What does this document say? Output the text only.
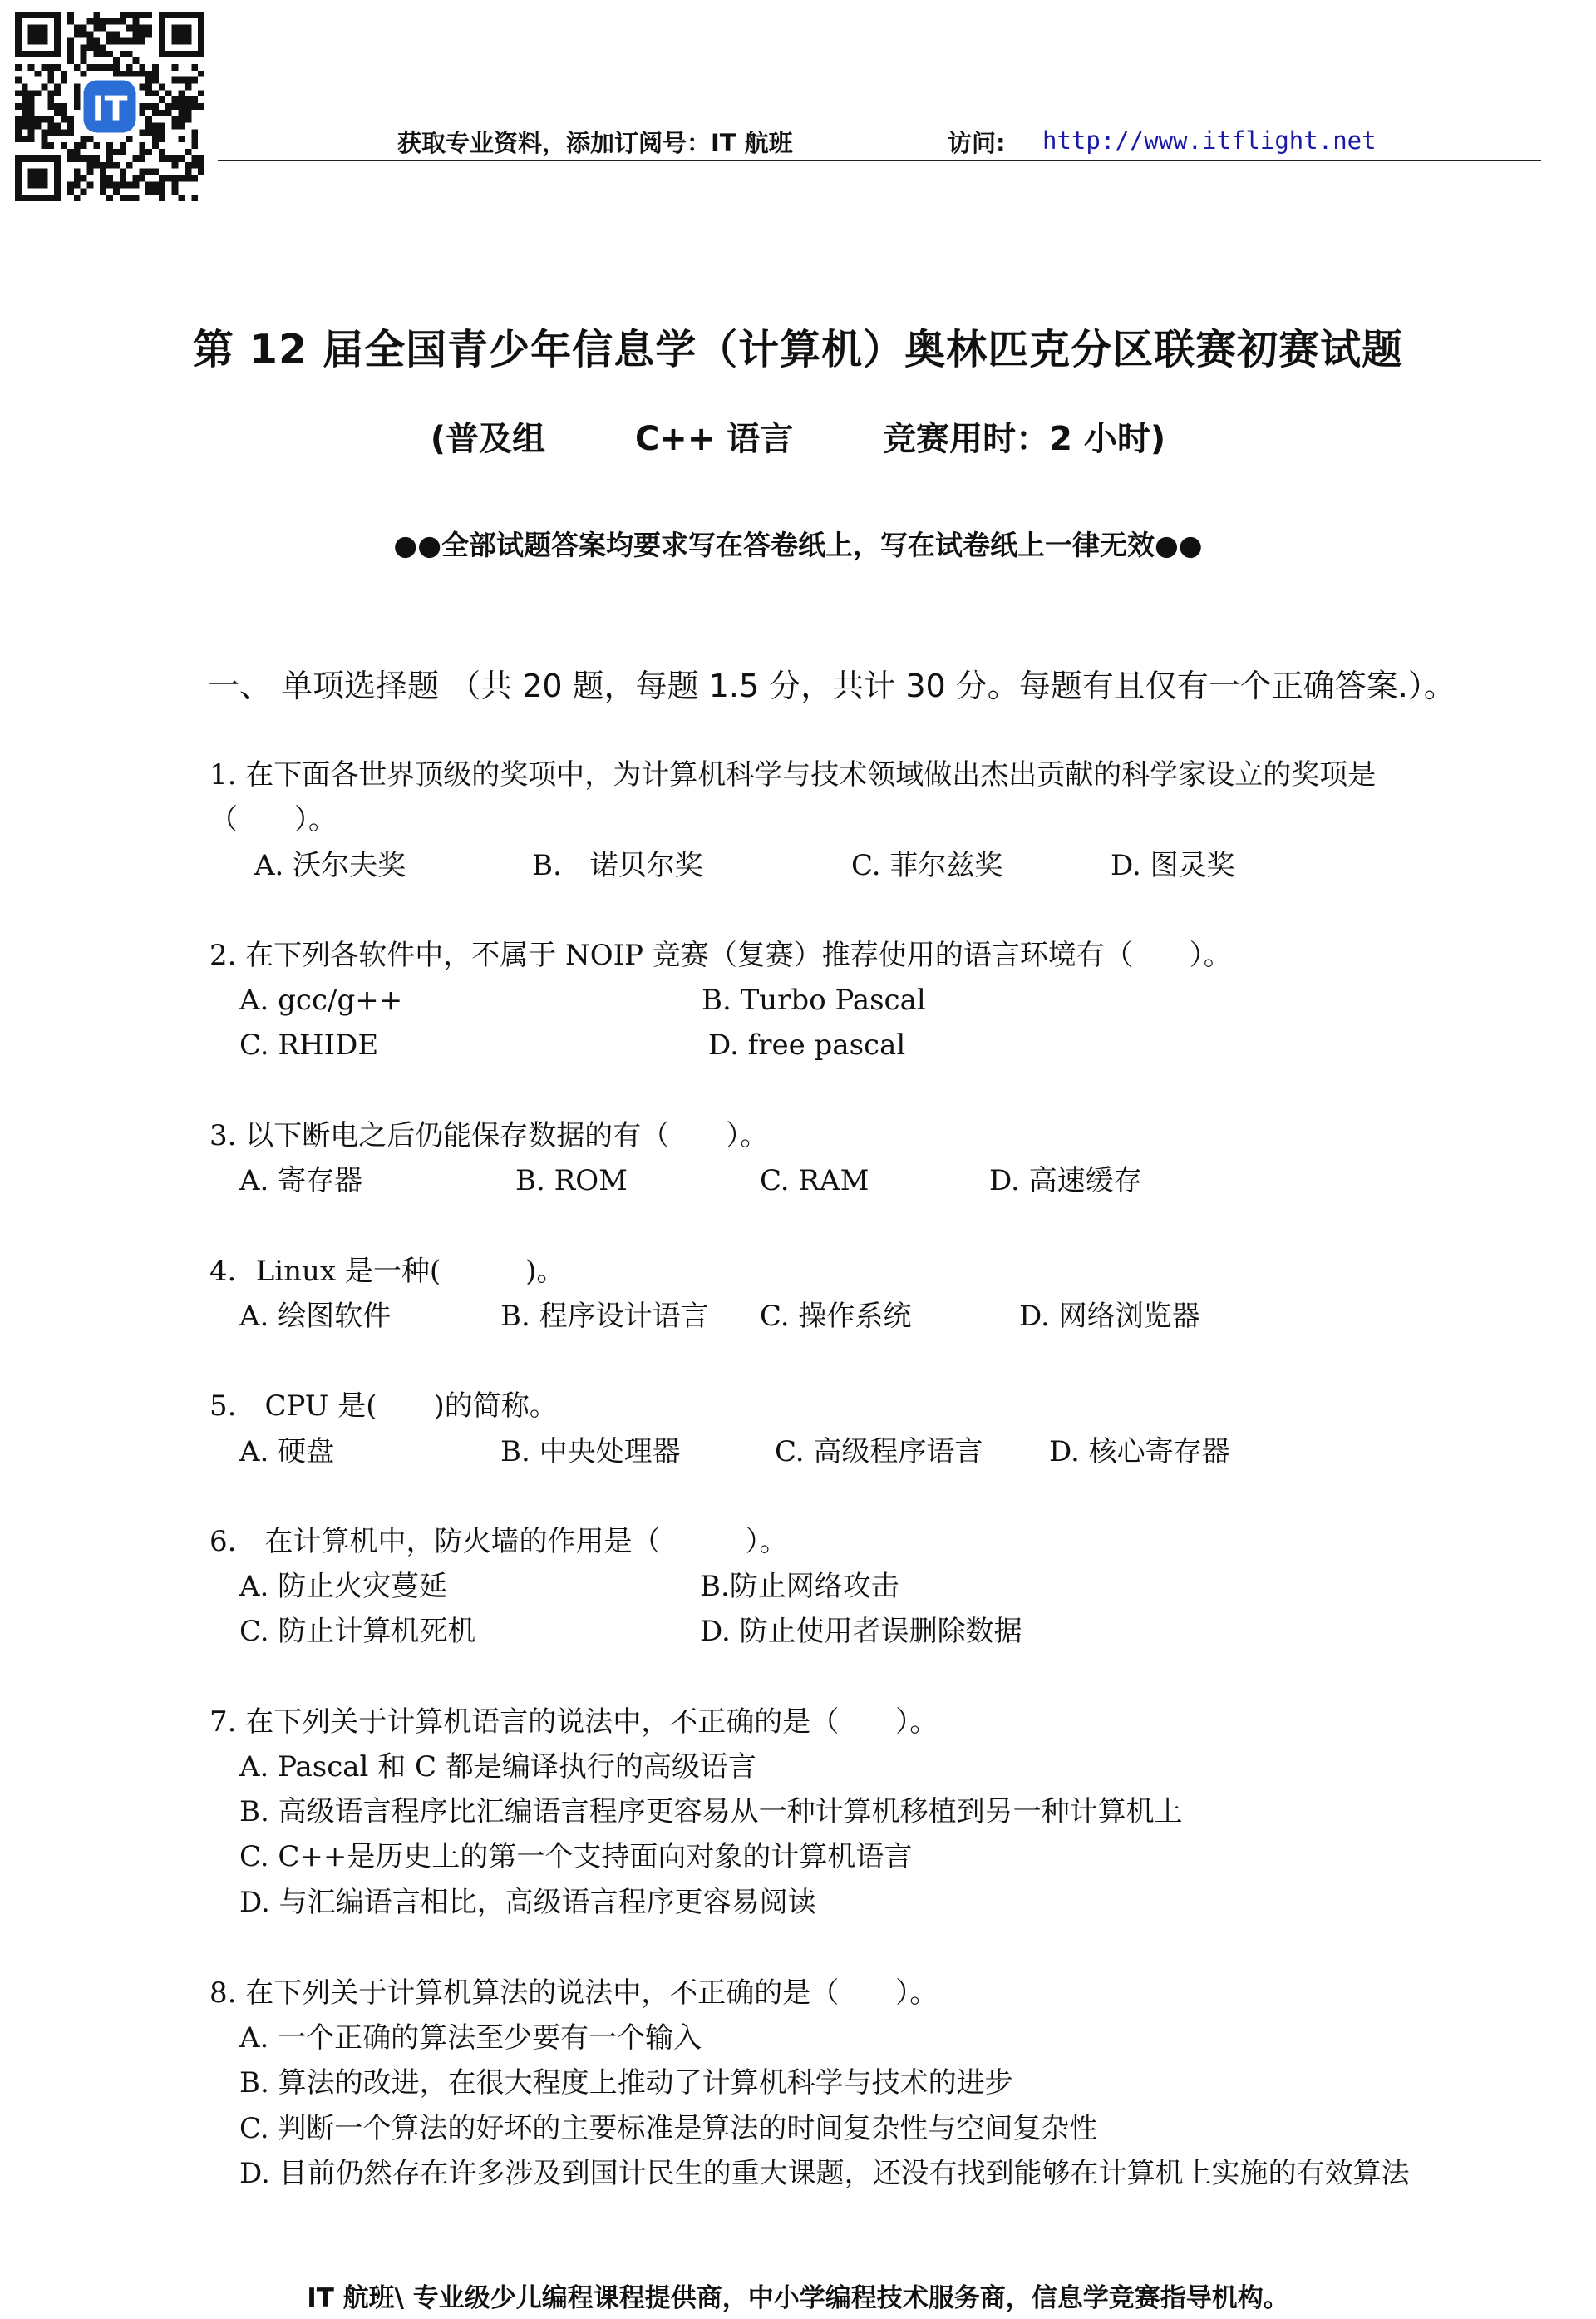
IT
获取专业资料，添加订阅号：IT 航班	访问: http://www.itflight.net
第 12 届全国青少年信息学（计算机）奥林匹克分区联赛初赛试题
(普及组	C++ 语言	竞赛用时：2 小时)
●●全部试题答案均要求写在答卷纸上，写在试卷纸上一律无效●●
一、 单项选择题 （共 20 题，每题 1.5 分，共计 30 分。每题有且仅有一个正确答案.）。
1. 在下面各世界顶级的奖项中，为计算机科学与技术领域做出杰出贡献的科学家设立的奖项是
（　　）。
A. 沃尔夫奖	B.　诺贝尔奖	C. 菲尔兹奖	D. 图灵奖
2. 在下列各软件中，不属于 NOIP 竞赛（复赛）推荐使用的语言环境有（　　）。
A. gcc/g++	B. Turbo Pascal
C. RHIDE	D. free pascal
3. 以下断电之后仍能保存数据的有（　　）。
A. 寄存器	B. ROM	C. RAM	D. 高速缓存
4．Linux 是一种(　　　)。
A. 绘图软件	B. 程序设计语言 C. 操作系统	D. 网络浏览器
5.　CPU 是(　　)的简称。
A. 硬盘	B. 中央处理器	C. 高级程序语言 D. 核心寄存器
6.　在计算机中，防火墙的作用是（　　　）。
A. 防止火灾蔓延	B.防止网络攻击
C. 防止计算机死机	D. 防止使用者误删除数据
7. 在下列关于计算机语言的说法中，不正确的是（　　）。
A. Pascal 和 C 都是编译执行的高级语言
B. 高级语言程序比汇编语言程序更容易从一种计算机移植到另一种计算机上
C. C++是历史上的第一个支持面向对象的计算机语言
D. 与汇编语言相比，高级语言程序更容易阅读
8. 在下列关于计算机算法的说法中，不正确的是（　　）。
A. 一个正确的算法至少要有一个输入
B. 算法的改进，在很大程度上推动了计算机科学与技术的进步
C. 判断一个算法的好坏的主要标准是算法的时间复杂性与空间复杂性
D. 目前仍然存在许多涉及到国计民生的重大课题，还没有找到能够在计算机上实施的有效算法
IT 航班\ 专业级少儿编程课程提供商，中小学编程技术服务商，信息学竞赛指导机构。
